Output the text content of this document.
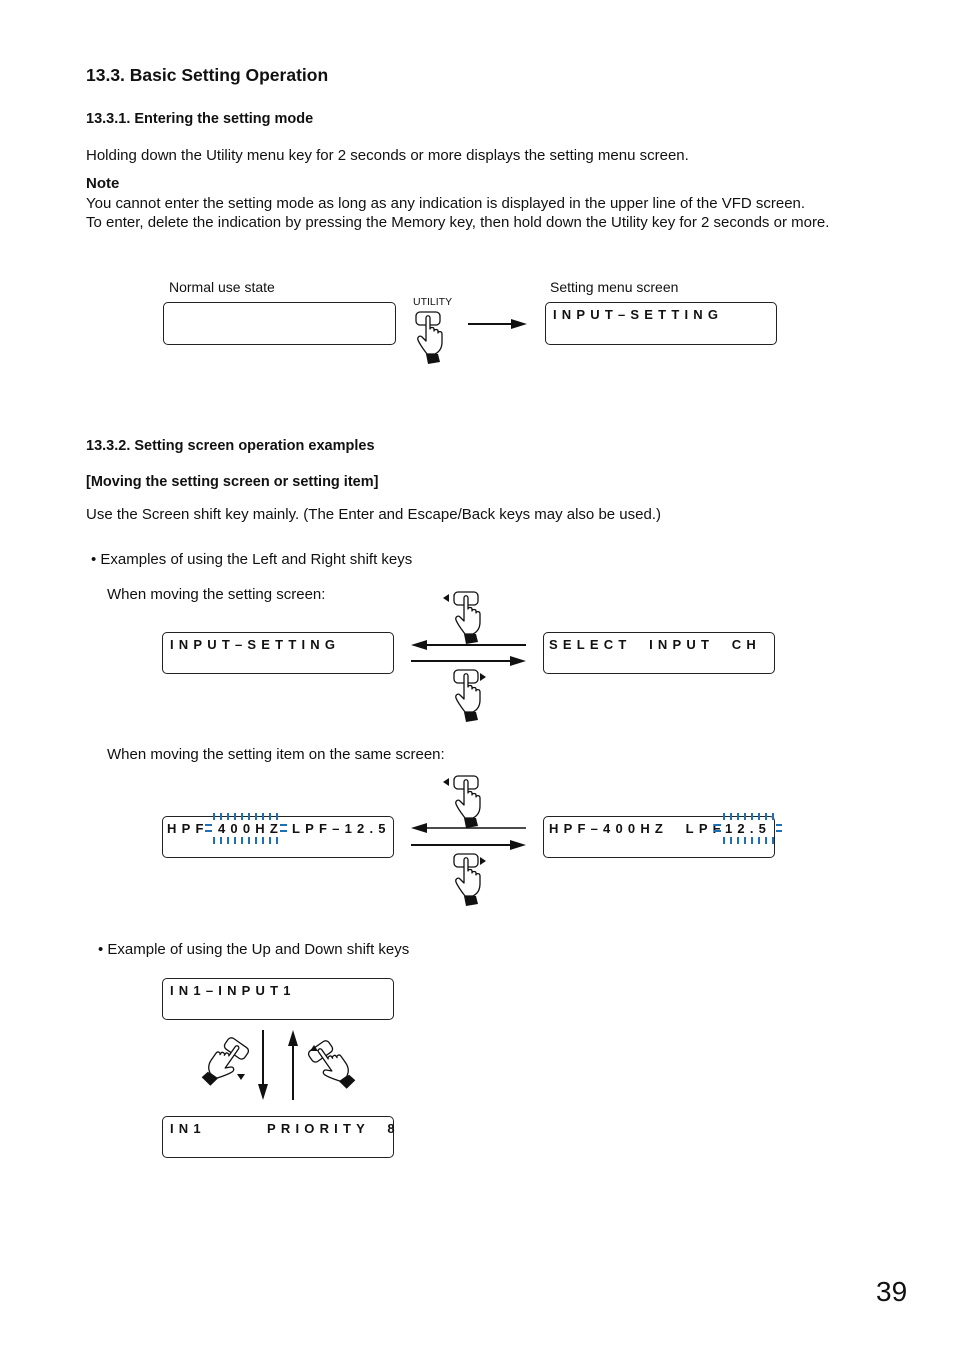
13.3. Basic Setting Operation
13.3.1. Entering the setting mode
Holding down the Utility menu key for 2 seconds or more displays the setting menu screen.
Note

You cannot enter the setting mode as long as any indication is displayed in the upper line of the VFD screen.

To enter, delete the indication by pressing the Memory key, then hold down the Utility key for 2 seconds or more.

Normal use state	Setting menu screen
UTILITY
INPUT–SETTING
13.3.2. Setting screen operation examples
[Moving the setting screen or setting item]
Use the Screen shift key mainly. (The Enter and Escape/Back keys may also be used.)
• Examples of using the Left and Right shift keys
When moving the setting screen:
INPUT–SETTING	SELECT  INPUT  CH
When moving the setting item on the same screen:
HPF 400HZ LPF–12.5	HPF–400HZ  LPF 12.5
• Example of using the Up and Down shift keys
IN1–INPUT1
IN1	PRIORITY  8
39
